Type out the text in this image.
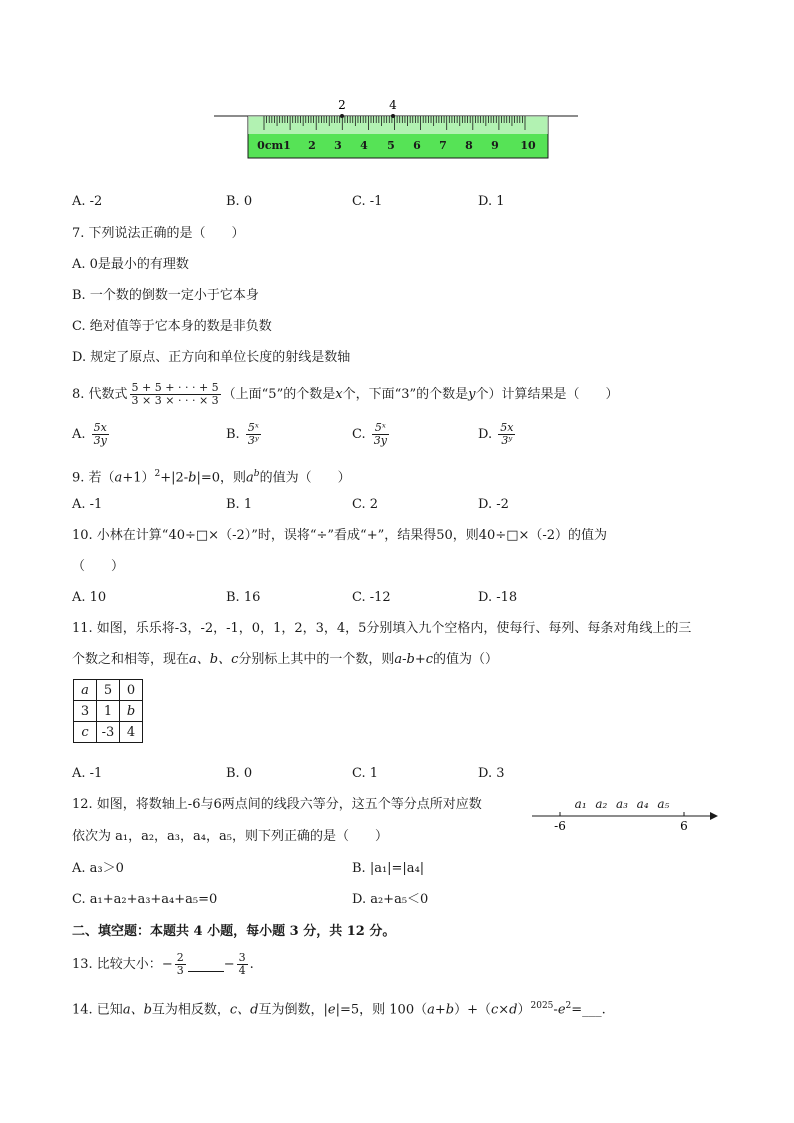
2	4
0cm1 2 3 4 5 6 7 8 9 10
A. -2	B. 0	C. -1	D. 1
7. 下列说法正确的是（　　）
A. 0是最小的有理数
B. 一个数的倒数一定小于它本身
C. 绝对值等于它本身的数是非负数
D. 规定了原点、正方向和单位长度的射线是数轴
8. 代数式 $\frac{5 + 5 + \cdot \cdot \cdot + 5}{3 \times 3 \times \cdot \cdot \cdot \times 3}$ （上面“5”的个数是x个，下面“3”的个数是y个）计算结果是（　　）
A. $\frac{5x}{3y}$	B. $\frac{\text{5ˣ}}{\text{3ʸ}}$	C. $\frac{\text{5ˣ}}{3y}$	D. $\frac{5x}{\text{3ʸ}}$
9. 若$(a+1)^2+|2-b|=0$，则$a^b$的值为（　　）
A. -1	B. 1	C. 2	D. -2
10. 小林在计算“40÷□×（-2）”时，误将“÷”看成“+”，结果得50，则40÷□×（-2）的值为
（　　）
A. 10	B. 16	C. -12	D. -18
11. 如图，乐乐将-3，-2，-1，0，1，2，3，4，5分别填入九个空格内，使每行、每列、每条对角线上的三
个数之和相等，现在a、b、c分别标上其中的一个数，则a-b+c的值为（）
a	5	0
3	1	b
c	-3	4
A. -1	B. 0	C. 1	D. 3
12. 如图，将数轴上-6与6两点间的线段六等分，这五个等分点所对应数
依次为 a₁，a₂，a₃，a₄，a₅，则下列正确的是（　　）
a₁ a₂ a₃ a₄ a₅
-6	6
A. a₃＞0	B. |a₁|=|a₄|
C. a₁+a₂+a₃+a₄+a₅=0	D. a₂+a₅＜0
二、填空题：本题共 4 小题，每小题 3 分，共 12 分。
13. 比较大小：− $\frac{2}{3}$	− $\frac{3}{4}$ .
14. 已知a、b互为相反数，c、d互为倒数，|e|=5，则 $100(a+b)+(c\times d)^{2025}-e^2=\_\_\_$.
